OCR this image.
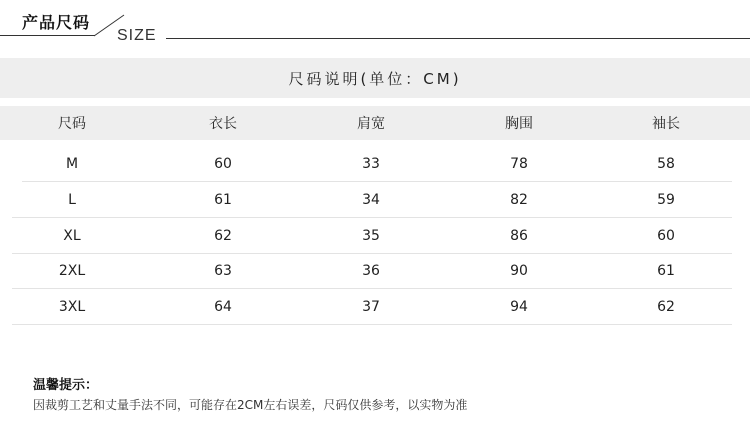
产品尺码
SIZE
尺码说明(单位：CM)
尺码	衣长	肩宽	胸围	袖长
M	60	33	78	58
L	61	34	82	59
XL	62	35	86	60
2XL	63	36	90	61
3XL	64	37	94	62
温馨提示：
因裁剪工艺和丈量手法不同，可能存在2CM左右误差，尺码仅供参考，以实物为准
